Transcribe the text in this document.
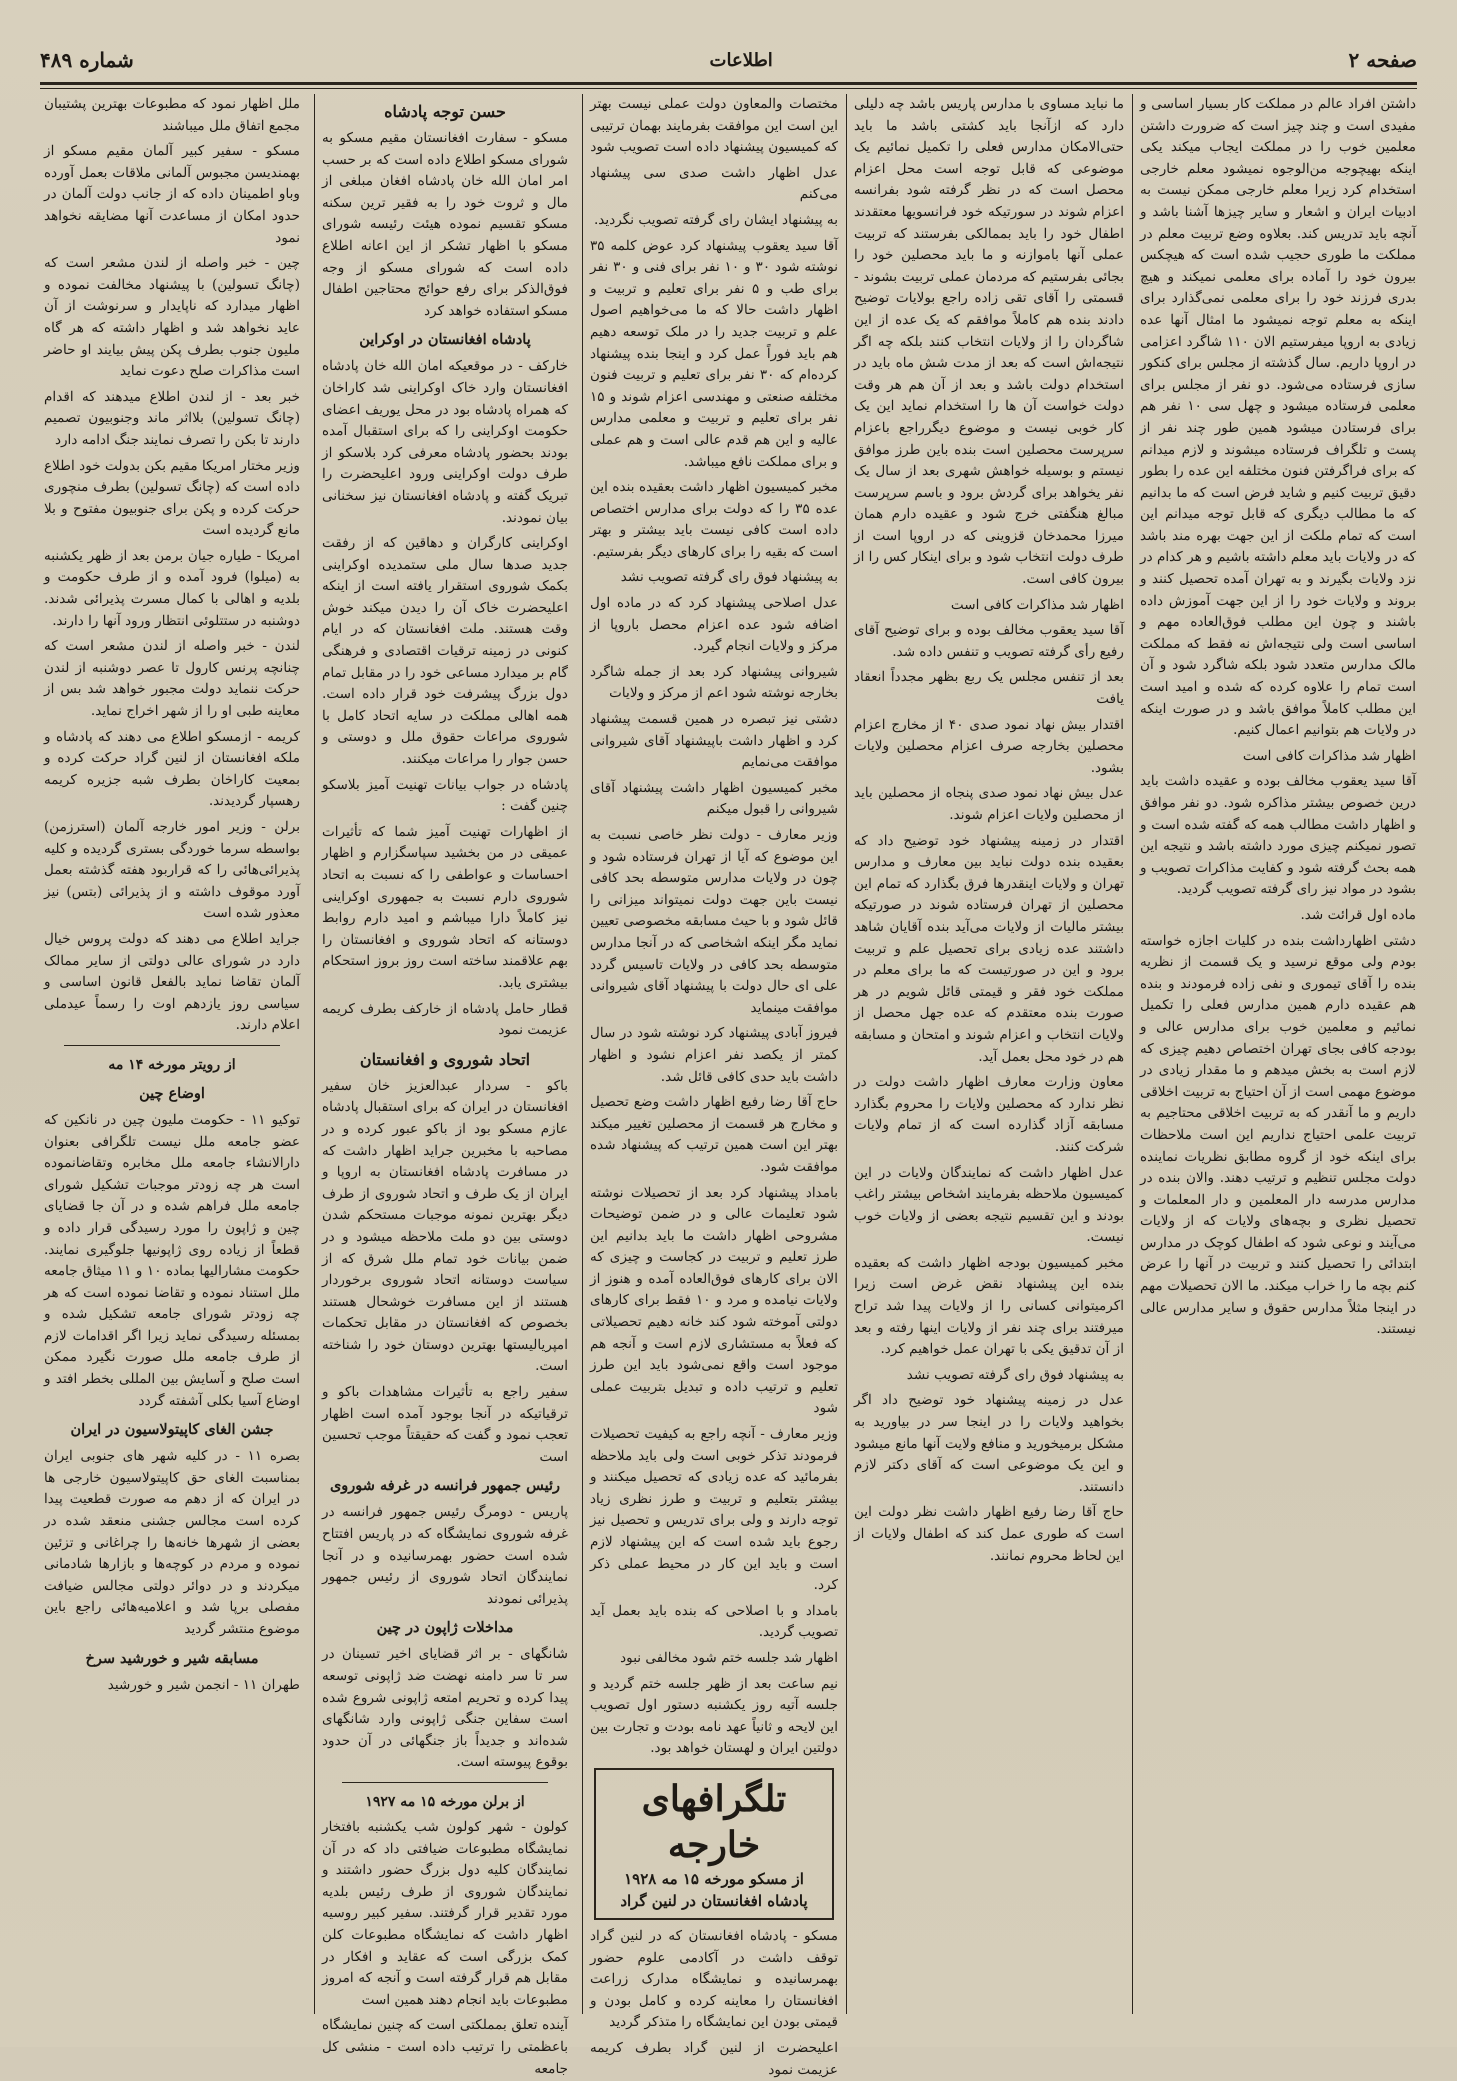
صفحه ۲
اطلاعات
شماره ۴۸۹

داشتن افراد عالم در مملکت کار بسیار اساسی و مفیدی است و چند چیز است که ضرورت داشتن معلمین خوب را در مملکت ایجاب میکند یکی اینکه بهیچوجه من‌الوجوه نمیشود معلم خارجی استخدام کرد زیرا معلم خارجی ممکن نیست به ادبیات ایران و اشعار و سایر چیزها آشنا باشد و آنچه باید تدریس کند. بعلاوه وضع تربیت معلم در مملکت ما طوری حجیب شده است که هیچکس بیرون خود را آماده برای معلمی نمیکند و هیچ بدری فرزند خود را برای معلمی نمی‌گذارد برای اینکه به معلم توجه نمیشود ما امثال آنها عده زیادی به اروپا میفرستیم الان ۱۱۰ شاگرد اعزامی در اروپا داریم. سال گذشته از مجلس برای کنکور سازی فرستاده می‌شود. دو نفر از مجلس برای معلمی فرستاده میشود و چهل سی ۱۰ نفر هم برای فرستادن میشود همین طور چند نفر از پست و تلگراف فرستاده میشوند و لازم میدانم که برای فراگرفتن فنون مختلفه این عده را بطور دقیق تربیت کنیم و شاید فرض است که ما بدانیم که ما مطالب دیگری که قابل توجه میدانم این است که تمام ملکت از این جهت بهره مند باشد که در ولایات باید معلم داشته باشیم و هر کدام در نزد ولایات بگیرند و به تهران آمده تحصیل کنند و بروند و ولایات خود را از این جهت آموزش داده باشند و چون این مطلب فوق‌العاده مهم و اساسی است ولی نتیجه‌اش نه فقط که مملکت مالک مدارس متعدد شود بلکه شاگرد شود و آن است تمام را علاوه کرده که شده و امید است این مطلب کاملاً موافق باشد و در صورت اینکه در ولایات هم بتوانیم اعمال کنیم.

اظهار شد مذاکرات کافی است

آقا سید یعقوب مخالف بوده و عقیده داشت باید درین خصوص بیشتر مذاکره شود. دو نفر موافق و اظهار داشت مطالب همه که گفته شده است و تصور نمیکنم چیزی مورد داشته باشد و نتیجه این همه بحث گرفته شود و کفایت مذاکرات تصویب و بشود در مواد نیز رای گرفته تصویب گردید.

ماده اول قرائت شد.

دشتی اظهارداشت بنده در کلیات اجازه خواسته بودم ولی موقع نرسید و یک قسمت از نظریه بنده را آقای تیموری و نفی زاده فرمودند و بنده هم عقیده دارم همین مدارس فعلی را تکمیل نمائیم و معلمین خوب برای مدارس عالی و بودجه کافی بجای تهران اختصاص دهیم چیزی که لازم است به بخش میدهم و ما مقدار زیادی در موضوع مهمی است از آن احتیاج به تربیت اخلاقی داریم و ما آنقدر که به تربیت اخلاقی محتاجیم به تربیت علمی احتیاج نداریم این است ملاحظات برای اینکه خود از گروه مطابق نظریات نماینده دولت مجلس تنظیم و ترتیب دهند. والان بنده در مدارس مدرسه دار المعلمین و دار المعلمات و تحصیل نظری و بچه‌های ولایات که از ولایات می‌آیند و نوعی شود که اطفال کوچک در مدارس ابتدائی را تحصیل کنند و تربیت در آنها را عرض کنم بچه ما را خراب میکند. ما الان تحصیلات مهم در اینجا مثلاً مدارس حقوق و سایر مدارس عالی نیستند.

ما نباید مساوی با مدارس پاریس باشد چه دلیلی دارد که ازآنجا باید کشتی باشد ما باید حتی‌الامکان مدارس فعلی را تکمیل نمائیم یک موضوعی که قابل توجه است محل اعزام محصل است که در نظر گرفته شود بفرانسه اعزام شوند در سورتیکه خود فرانسویها معتقدند اطفال خود را باید بممالکی بفرستند که تربیت عملی آنها باموازنه و ما باید محصلین خود را بجائی بفرستیم که مردمان عملی تربیت بشوند - قسمتی را آقای تقی زاده راجع بولایات توضیح دادند بنده هم کاملاً موافقم که یک عده از این شاگردان را از ولایات انتخاب کنند بلکه چه اگر نتیجه‌اش است که بعد از مدت شش ماه باید در استخدام دولت باشد و بعد از آن هم هر وقت دولت خواست آن ها را استخدام نماید این یک کار خوبی نیست و موضوع دیگرراجع باعزام سرپرست محصلین است بنده باین طرز موافق نیستم و بوسیله خواهش شهری بعد از سال یک نفر یخواهد برای گردش برود و باسم سرپرست مبالغ هنگفتی خرج شود و عقیده دارم همان میرزا محمدخان قزوینی که در اروپا است از طرف دولت انتخاب شود و برای اینکار کس را از بیرون کافی است.

اظهار شد مذاکرات کافی است

آقا سید یعقوب مخالف بوده و برای توضیح آقای رفیع رأی گرفته تصویب و تنفس داده شد.

بعد از تنفس مجلس یک ربع بظهر مجدداً انعقاد یافت

اقتدار بیش نهاد نمود صدی ۴۰ از مخارج اعزام محصلین بخارجه صرف اعزام محصلین ولایات بشود.

عدل بیش نهاد نمود صدی پنجاه از محصلین باید از محصلین ولایات اعزام شوند.

اقتدار در زمینه پیشنهاد خود توضیح داد که بعقیده بنده دولت نباید بین معارف و مدارس تهران و ولایات اینقدرها فرق بگذارد که تمام این محصلین از تهران فرستاده شوند در صورتیکه بیشتر مالیات از ولایات می‌آید بنده آقایان شاهد داشتند عده زیادی برای تحصیل علم و تربیت برود و این در صورتیست که ما برای معلم در مملکت خود فقر و قیمتی قائل شویم در هر صورت بنده معتقدم که عده جهل محصل از ولایات انتخاب و اعزام شوند و امتحان و مسابقه هم در خود محل بعمل آید.

معاون وزارت معارف اظهار داشت دولت در نظر ندارد که محصلین ولایات را محروم بگذارد مسابقه آزاد گذارده است که از تمام ولایات شرکت کنند.

عدل اظهار داشت که نمایندگان ولایات در این کمیسیون ملاحظه بفرمایند اشخاص بیشتر راغب بودند و این تقسیم نتیجه بعضی از ولایات خوب نیست.

مخبر کمیسیون بودجه اظهار داشت که بعقیده بنده این پیشنهاد نقض غرض است زیرا اکرمیتوانی کسانی را از ولایات پیدا شد تراح میرفتند برای چند نفر از ولایات اینها رفته و بعد از آن تدقیق یکی با تهران عمل خواهیم کرد.

به پیشنهاد فوق رای گرفته تصویب نشد

عدل در زمینه پیشنهاد خود توضیح داد اگر بخواهید ولایات را در اینجا سر در بیاورید به مشکل برمیخورید و منافع ولایت آنها مانع میشود و این یک موضوعی است که آقای دکتر لازم دانستند.

حاج آقا رضا رفیع اظهار داشت نظر دولت این است که طوری عمل کند که اطفال ولایات از این لحاظ محروم نمانند.

مختصات والمعاون دولت عملی نیست بهتر این است این موافقت بفرمایند بهمان ترتیبی که کمیسیون پیشنهاد داده است تصویب شود

عدل اظهار داشت صدی سی پیشنهاد می‌کنم

به پیشنهاد ایشان رای گرفته تصویب نگردید.

آقا سید یعقوب پیشنهاد کرد عوض کلمه ۳۵ نوشته شود ۳۰ و ۱۰ نفر برای فنی و ۳۰ نفر برای طب و ۵ نفر برای تعلیم و تربیت و اظهار داشت حالا که ما می‌خواهیم اصول علم و تربیت جدید را در ملک توسعه دهیم هم باید فوراً عمل کرد و اینجا بنده پیشنهاد کرده‌ام که ۳۰ نفر برای تعلیم و تربیت فنون مختلفه صنعتی و مهندسی اعزام شوند و ۱۵ نفر برای تعلیم و تربیت و معلمی مدارس عالیه و این هم قدم عالی است و هم عملی و برای مملکت نافع میباشد.

مخبر کمیسیون اظهار داشت بعقیده بنده این عده ۳۵ را که دولت برای مدارس اختصاص داده است کافی نیست باید بیشتر و بهتر است که بقیه را برای کارهای دیگر بفرستیم.

به پیشنهاد فوق رای گرفته تصویب نشد

عدل اصلاحی پیشنهاد کرد که در ماده اول اضافه شود عده اعزام محصل باروپا از مرکز و ولایات انجام گیرد.

شیروانی پیشنهاد کرد بعد از جمله شاگرد بخارجه نوشته شود اعم از مرکز و ولایات

دشتی نیز تبصره در همین قسمت پیشنهاد کرد و اظهار داشت باپیشنهاد آقای شیروانی موافقت می‌نمایم

مخبر کمیسیون اظهار داشت پیشنهاد آقای شیروانی را قبول میکنم

وزیر معارف - دولت نظر خاصی نسبت به این موضوع که آیا از تهران فرستاده شود و چون در ولایات مدارس متوسطه بحد کافی نیست باین جهت دولت نمیتواند میزانی را قائل شود و با حیث مسابقه مخصوصی تعیین نماید مگر اینکه اشخاصی که در آنجا مدارس متوسطه بحد کافی در ولایات تاسیس گردد علی ای حال دولت با پیشنهاد آقای شیروانی موافقت مینماید

فیروز آبادی پیشنهاد کرد نوشته شود در سال کمتر از یکصد نفر اعزام نشود و اظهار داشت باید حدی کافی قائل شد.

حاج آقا رضا رفیع اظهار داشت وضع تحصیل و مخارج هر قسمت از محصلین تغییر میکند بهتر این است همین ترتیب که پیشنهاد شده موافقت شود.

بامداد پیشنهاد کرد بعد از تحصیلات نوشته شود تعلیمات عالی و در ضمن توضیحات مشروحی اظهار داشت ما باید بدانیم این طرز تعلیم و تربیت در کجاست و چیزی که الان برای کارهای فوق‌العاده آمده و هنوز از ولایات نیامده و مرد و ۱۰ فقط برای کارهای دولتی آموخته شود کند خانه دهیم تحصیلاتی که فعلاً به مستشاری لازم است و آنجه هم موجود است واقع نمی‌شود باید این طرز تعلیم و ترتیب داده و تبدیل بتربیت عملی شود

وزیر معارف - آنچه راجع به کیفیت تحصیلات فرمودند تذکر خوبی است ولی باید ملاحظه بفرمائید که عده زیادی که تحصیل میکنند و بیشتر بتعلیم و تربیت و طرز نظری زیاد توجه دارند و ولی برای تدریس و تحصیل نیز رجوع باید شده است که این پیشنهاد لازم است و باید این کار در محیط عملی ذکر کرد.

بامداد و با اصلاحی که بنده باید بعمل آید تصویب گردید.

اظهار شد جلسه ختم شود مخالفی نبود

نیم ساعت بعد از ظهر جلسه ختم گردید و جلسه آتیه روز یکشنبه دستور اول تصویب این لایحه و ثانیاً عهد نامه بودت و تجارت بین دولتین ایران و لهستان خواهد بود.

تلگرافهای خارجه
از مسکو مورخه ۱۵ مه ۱۹۲۸
پادشاه افغانستان در لنین گراد

مسکو - پادشاه افغانستان که در لنین گراد توقف داشت در آکادمی علوم حضور بهمرسانیده و نمایشگاه مدارک زراعت افغانستان را معاینه کرده و کامل بودن و قیمتی بودن این نمایشگاه را متذکر گردید

اعلیحضرت از لنین گراد بطرف کریمه عزیمت نمود

حسن توجه پادشاه

مسکو - سفارت افغانستان مقیم مسکو به شورای مسکو اطلاع داده است که بر حسب امر امان الله خان پادشاه افغان مبلغی از مال و ثروت خود را به فقیر ترین سکنه مسکو تقسیم نموده هیئت رئیسه شورای مسکو با اظهار تشکر از این اعانه اطلاع داده است که شورای مسکو از وجه فوق‌الذکر برای رفع حوائج محتاجین اطفال مسکو استفاده خواهد کرد

پادشاه افغانستان در اوکراین

خارکف - در موقعیکه امان الله خان پادشاه افغانستان وارد خاک اوکراینی شد کاراخان که همراه پادشاه بود در محل یوریف اعضای حکومت اوکراینی را که برای استقبال آمده بودند بحضور پادشاه معرفی کرد بلاسکو از طرف دولت اوکراینی ورود اعلیحضرت را تبریک گفته و پادشاه افغانستان نیز سخنانی بیان نمودند.

اوکراینی کارگران و دهاقین که از رفقت جدید صدها سال ملی ستمدیده اوکراینی بکمک شوروی استقرار یافته است از اینکه اعلیحضرت خاک آن را دیدن میکند خوش وقت هستند. ملت افغانستان که در ایام کنونی در زمینه ترقیات اقتصادی و فرهنگی گام بر میدارد مساعی خود را در مقابل تمام دول بزرگ پیشرفت خود قرار داده است. همه اهالی مملکت در سایه اتحاد کامل با شوروی مراعات حقوق ملل و دوستی و حسن جوار را مراعات میکنند.

پادشاه در جواب بیانات تهنیت آمیز بلاسکو چنین گفت :

از اظهارات تهنیت آمیز شما که تأثیرات عمیقی در من بخشید سپاسگزارم و اظهار احساسات و عواطفی را که نسبت به اتحاد شوروی دارم نسبت به جمهوری اوکراینی نیز کاملاً دارا میباشم و امید دارم روابط دوستانه که اتحاد شوروی و افغانستان را بهم علاقمند ساخته است روز بروز استحکام بیشتری یابد.

قطار حامل پادشاه از خارکف بطرف کریمه عزیمت نمود

اتحاد شوروی و افغانستان

باکو - سردار عبدالعزیز خان سفیر افغانستان در ایران که برای استقبال پادشاه عازم مسکو بود از باکو عبور کرده و در مصاحبه با مخبرین جراید اظهار داشت که در مسافرت پادشاه افغانستان به اروپا و ایران از یک طرف و اتحاد شوروی از طرف دیگر بهترین نمونه موجبات مستحکم شدن دوستی بین دو ملت ملاحظه میشود و در ضمن بیانات خود تمام ملل شرق که از سیاست دوستانه اتحاد شوروی برخوردار هستند از این مسافرت خوشحال هستند بخصوص که افغانستان در مقابل تحکمات امپریالیستها بهترین دوستان خود را شناخته است.

سفیر راجع به تأثیرات مشاهدات باکو و ترقیاتیکه در آنجا بوجود آمده است اظهار تعجب نمود و گفت که حقیقتاً موجب تحسین است

رئیس جمهور فرانسه در غرفه شوروی

پاریس - دومرگ رئیس جمهور فرانسه در غرفه شوروی نمایشگاه که در پاریس افتتاح شده است حضور بهمرسانیده و در آنجا نمایندگان اتحاد شوروی از رئیس جمهور پذیرائی نمودند

مداخلات ژاپون در چین

شانگهای - بر اثر قضایای اخیر تسینان در سر تا سر دامنه نهضت ضد ژاپونی توسعه پیدا کرده و تحریم امتعه ژاپونی شروع شده است سفاین جنگی ژاپونی وارد شانگهای شده‌اند و جدیداً باز جنگهائی در آن حدود بوقوع پیوسته است.

از برلن مورخه ۱۵ مه ۱۹۲۷

کولون - شهر کولون شب یکشنبه بافتخار نمایشگاه مطبوعات ضیافتی داد که در آن نمایندگان کلیه دول بزرگ حضور داشتند و نمایندگان شوروی از طرف رئیس بلدیه مورد تقدیر قرار گرفتند. سفیر کبیر روسیه اظهار داشت که نمایشگاه مطبوعات کلن کمک بزرگی است که عقاید و افکار در مقابل هم قرار گرفته است و آنجه که امروز مطبوعات باید انجام دهند همین است

آینده تعلق بمملکتی است که چنین نمایشگاه باعظمتی را ترتیب داده است - منشی کل جامعه

ملل اظهار نمود که مطبوعات بهترین پشتیبان مجمع اتفاق ملل میباشند

مسکو - سفیر کبیر آلمان مقیم مسکو از بهمندیسن مجبوس آلمانی ملاقات بعمل آورده وباو اطمینان داده که از جانب دولت آلمان در حدود امکان از مساعدت آنها مضایقه نخواهد نمود

چین - خبر واصله از لندن مشعر است که (چانگ تسولین) با پیشنهاد مخالفت نموده و اظهار میدارد که ناپایدار و سرنوشت از آن عاید نخواهد شد و اظهار داشته که هر گاه ملیون جنوب بطرف پکن پیش بیایند او حاضر است مذاکرات صلح دعوت نماید

خبر بعد - از لندن اطلاع میدهند که اقدام (چانگ تسولین) بلااثر ماند وجنوبیون تصمیم دارند تا بکن را تصرف نمایند جنگ ادامه دارد

وزیر مختار امریکا مقیم بکن بدولت خود اطلاع داده است که (چانگ تسولین) بطرف منچوری حرکت کرده و پکن برای جنوبیون مفتوح و بلا مانع گردیده است

امریکا - طیاره جیان برمن بعد از ظهر یکشنبه به (میلوا) فرود آمده و از طرف حکومت و بلدیه و اهالی با کمال مسرت پذیرائی شدند. دوشنبه در ستتلوئی انتظار ورود آنها را دارند.

لندن - خبر واصله از لندن مشعر است که چنانچه پرنس کارول تا عصر دوشنبه از لندن حرکت ننماید دولت مجبور خواهد شد بس از معاینه طبی او را از شهر اخراج نماید.

کریمه - ازمسکو اطلاع می دهند که پادشاه و ملکه افغانستان از لنین گراد حرکت کرده و بمعیت کاراخان بطرف شبه جزیره کریمه رهسپار گردیدند.

برلن - وزیر امور خارجه آلمان (استرزمن) بواسطه سرما خوردگی بستری گردیده و کلیه پذیرائی‌هائی را که قراربود هفته گذشته بعمل آورد موقوف داشته و از پذیرائی (بتس) نیز معذور شده است

جراید اطلاع می دهند که دولت پروس خیال دارد در شورای عالی دولتی از سایر ممالک آلمان تقاضا نماید بالفعل قانون اساسی و سیاسی روز یازدهم اوت را رسماً عیدملی اعلام دارند.

از رویتر مورخه ۱۴ مه
اوضاع چین

توکیو ۱۱ - حکومت ملیون چین در نانکین که عضو جامعه ملل نیست تلگرافی بعنوان دارالانشاء جامعه ملل مخابره وتقاضانموده است هر چه زودتر موجبات تشکیل شورای جامعه ملل فراهم شده و در آن جا قضایای چین و ژاپون را مورد رسیدگی قرار داده و قطعاً از زیاده روی ژاپونیها جلوگیری نمایند. حکومت مشارالیها بماده ۱۰ و ۱۱ میثاق جامعه ملل استناد نموده و تقاضا نموده است که هر چه زودتر شورای جامعه تشکیل شده و بمسئله رسیدگی نماید زیرا اگر اقدامات لازم از طرف جامعه ملل صورت نگیرد ممکن است صلح و آسایش بین المللی بخطر افتد و اوضاع آسیا بکلی آشفته گردد

جشن الغای کاپیتولاسیون در ایران

بصره ۱۱ - در کلیه شهر های جنوبی ایران بمناسبت الغای حق کاپیتولاسیون خارجی ها در ایران که از دهم مه صورت قطعیت پیدا کرده است مجالس جشنی منعقد شده در بعضی از شهرها خانه‌ها را چراغانی و تزئین نموده و مردم در کوچه‌ها و بازارها شادمانی میکردند و در دوائر دولتی مجالس ضیافت مفصلی برپا شد و اعلامیه‌هائی راجع باین موضوع منتشر گردید

مسابقه شیر و خورشید سرخ

طهران ۱۱ - انجمن شیر و خورشید
